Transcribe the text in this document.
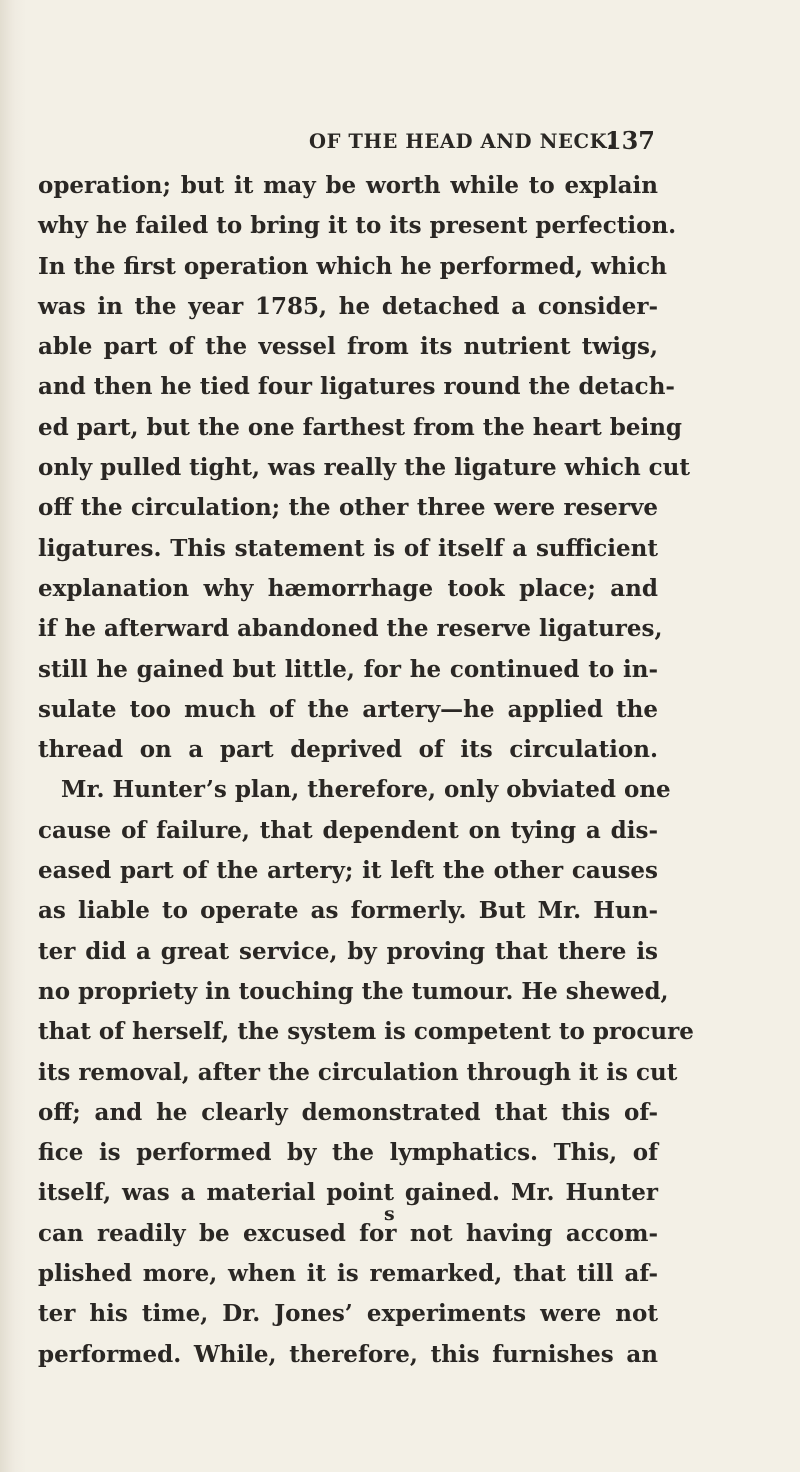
OF THE HEAD AND NECK.
137
operation; but it may be worth while to explain
why he failed to bring it to its present perfection.
In the first operation which he performed, which
was in the year 1785, he detached a consider-
able part of the vessel from its nutrient twigs,
and then he tied four ligatures round the detach-
ed part, but the one farthest from the heart being
only pulled tight, was really the ligature which cut
off the circulation; the other three were reserve
ligatures. This statement is of itself a sufficient
explanation why hæmorrhage took place; and
if he afterward abandoned the reserve ligatures,
still he gained but little, for he continued to in-
sulate too much of the artery—he applied the
thread on a part deprived of its circulation.
Mr. Hunter’s plan, therefore, only obviated one
cause of failure, that dependent on tying a dis-
eased part of the artery; it left the other causes
as liable to operate as formerly. But Mr. Hun-
ter did a great service, by proving that there is
no propriety in touching the tumour. He shewed,
that of herself, the system is competent to procure
its removal, after the circulation through it is cut
off; and he clearly demonstrated that this of-
fice is performed by the lymphatics. This, of
itself, was a material point gained. Mr. Hunter
can readily be excused for not having accom-
plished more, when it is remarked, that till af-
ter his time, Dr. Jones’ experiments were not
performed. While, therefore, this furnishes an
s
